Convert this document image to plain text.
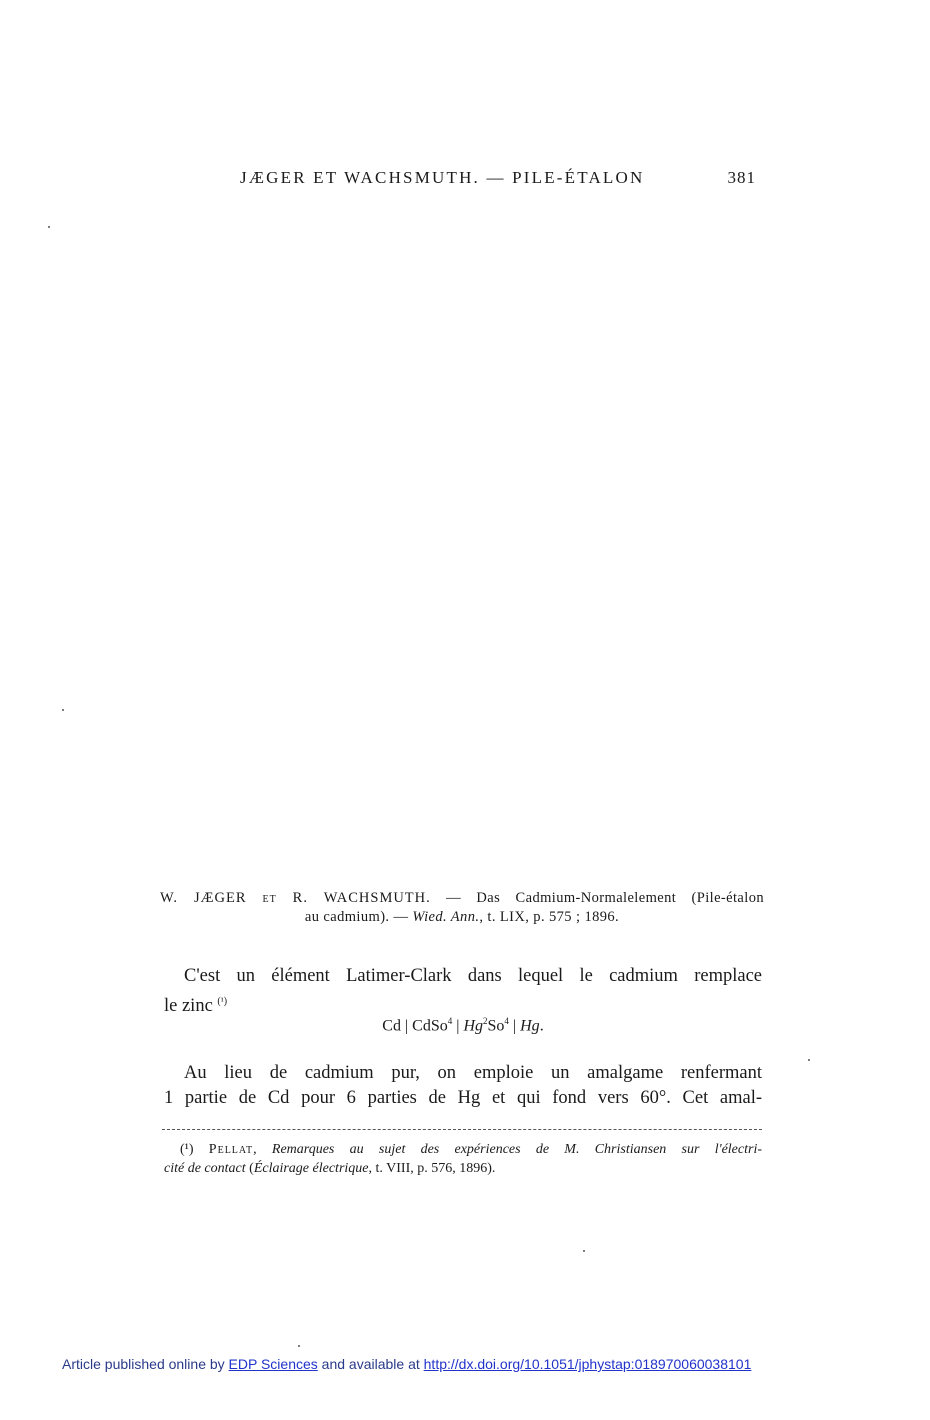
JÆGER ET WACHSMUTH. — PILE-ÉTALON	381
W. JÆGER et R. WACHSMUTH. — Das Cadmium-Normalelement (Pile-étalon
au cadmium). — Wied. Ann., t. LIX, p. 575 ; 1896.
C'est un élément Latimer-Clark dans lequel le cadmium remplace
le zinc $^{(^1)}$
Cd | CdSo$^4$ | Hg$^2$So$^4$ | Hg.
Au lieu de cadmium pur, on emploie un amalgame renfermant
1 partie de Cd pour 6 parties de Hg et qui fond vers 60°. Cet amal-
(¹) Pellat, Remarques au sujet des expériences de M. Christiansen sur l'électri-
cité de contact (Éclairage électrique, t. VIII, p. 576, 1896).
Article published online by EDP Sciences and available at http://dx.doi.org/10.1051/jphystap:018970060038101
